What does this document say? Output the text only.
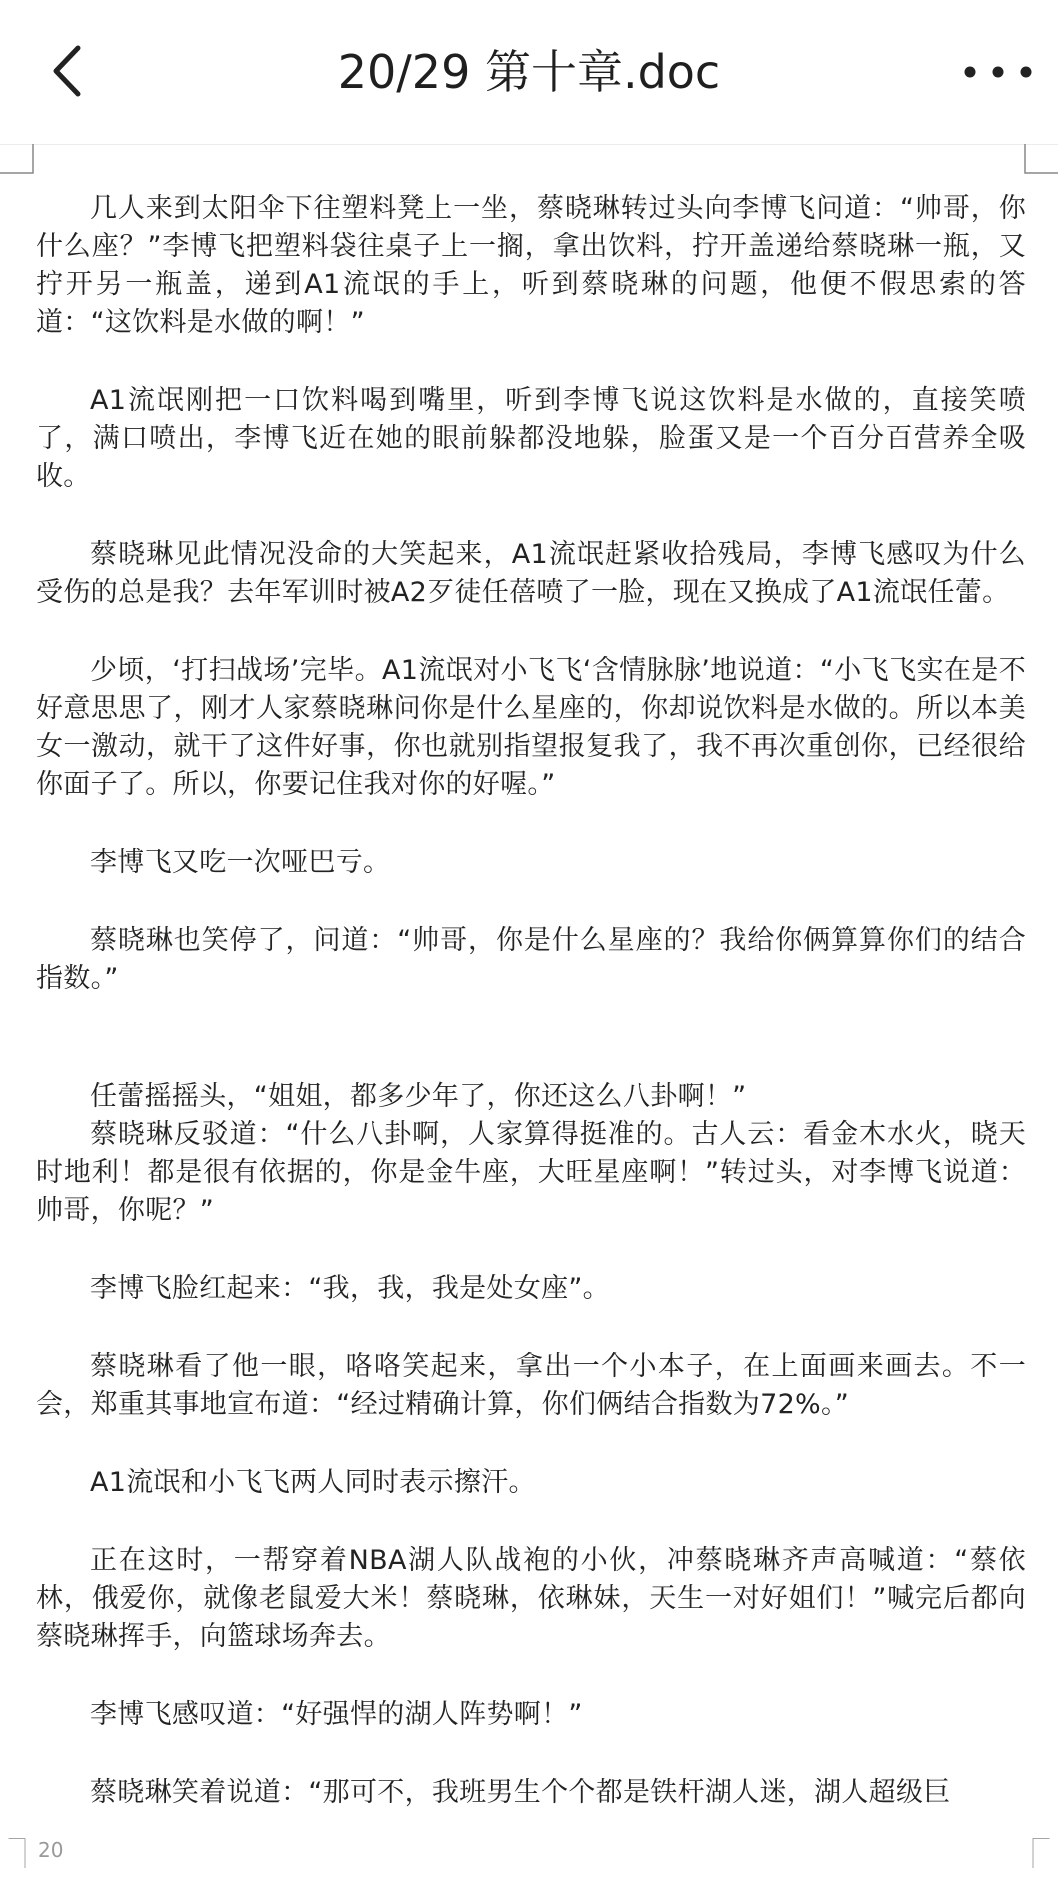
20/29 第十章.doc

几人来到太阳伞下往塑料凳上一坐，蔡晓琳转过头向李博飞问道：“帅哥，你什么座？”李博飞把塑料袋往桌子上一搁，拿出饮料，拧开盖递给蔡晓琳一瓶，又拧开另一瓶盖，递到A1流氓的手上，听到蔡晓琳的问题，他便不假思索的答道：“这饮料是水做的啊！”

A1流氓刚把一口饮料喝到嘴里，听到李博飞说这饮料是水做的，直接笑喷了，满口喷出，李博飞近在她的眼前躲都没地躲，脸蛋又是一个百分百营养全吸收。

蔡晓琳见此情况没命的大笑起来，A1流氓赶紧收拾残局，李博飞感叹为什么受伤的总是我？去年军训时被A2歹徒任蓓喷了一脸，现在又换成了A1流氓任蕾。

少顷，‘打扫战场’完毕。A1流氓对小飞飞‘含情脉脉’地说道：“小飞飞实在是不好意思思了，刚才人家蔡晓琳问你是什么星座的，你却说饮料是水做的。所以本美女一激动，就干了这件好事，你也就别指望报复我了，我不再次重创你，已经很给你面子了。所以，你要记住我对你的好喔。”

李博飞又吃一次哑巴亏。

蔡晓琳也笑停了，问道：“帅哥，你是什么星座的？我给你俩算算你们的结合指数。”

任蕾摇摇头，“姐姐，都多少年了，你还这么八卦啊！”

蔡晓琳反驳道：“什么八卦啊，人家算得挺准的。古人云：看金木水火，晓天时地利！都是很有依据的，你是金牛座，大旺星座啊！”转过头，对李博飞说道：帅哥，你呢？”

李博飞脸红起来：“我，我，我是处女座”。

蔡晓琳看了他一眼，咯咯笑起来，拿出一个小本子，在上面画来画去。不一会，郑重其事地宣布道：“经过精确计算，你们俩结合指数为72%。”

A1流氓和小飞飞两人同时表示擦汗。

正在这时，一帮穿着NBA湖人队战袍的小伙，冲蔡晓琳齐声高喊道：“蔡依林，俄爱你，就像老鼠爱大米！蔡晓琳，依琳妹，天生一对好姐们！”喊完后都向蔡晓琳挥手，向篮球场奔去。

李博飞感叹道：“好强悍的湖人阵势啊！”

蔡晓琳笑着说道：“那可不，我班男生个个都是铁杆湖人迷，湖人超级巨

20
